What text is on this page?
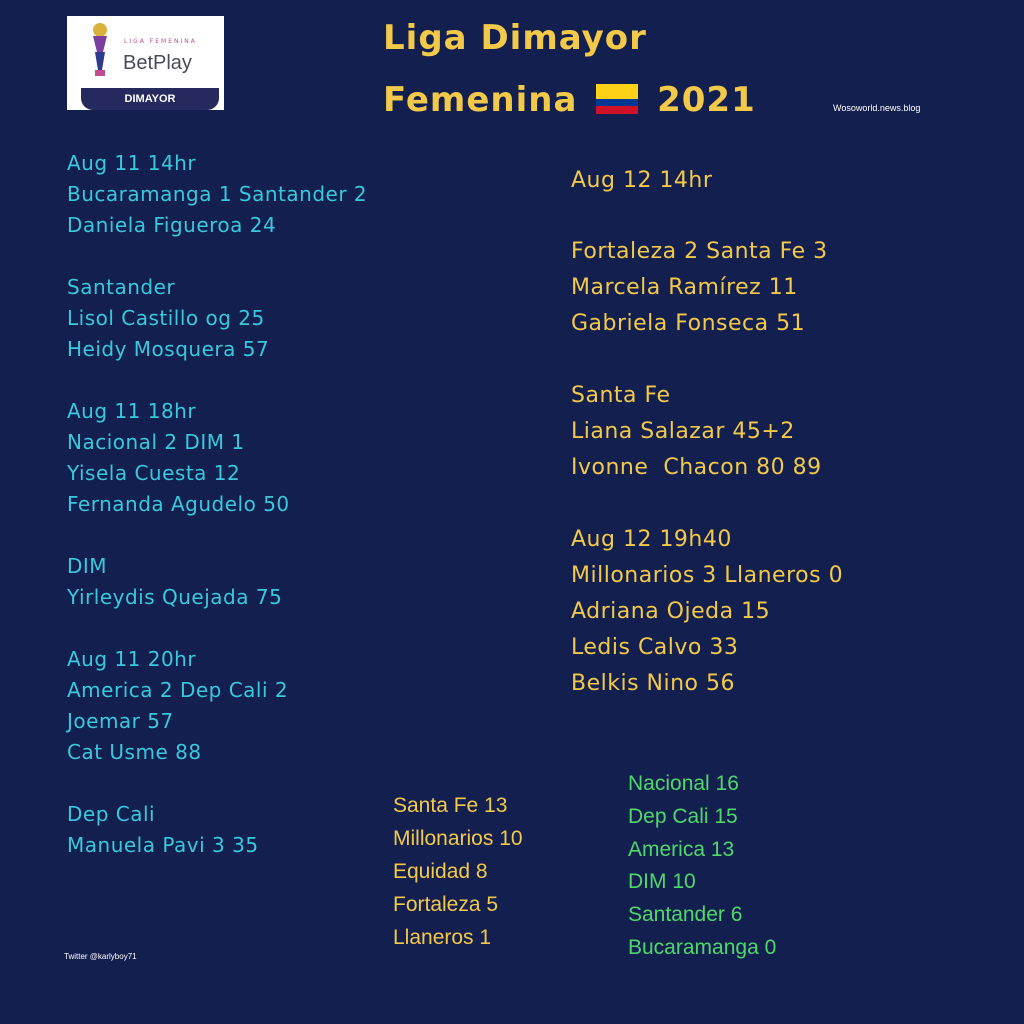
LIGA FEMENINA
BetPlay
DIMAYOR
Liga Dimayor
Femenina 2021	Wosoworld.news.blog
Aug 11 14hr
Bucaramanga 1 Santander 2
Daniela Figueroa 24
Santander
Lisol Castillo og 25
Heidy Mosquera 57
Aug 11 18hr
Nacional 2 DIM 1
Yisela Cuesta 12
Fernanda Agudelo 50
DIM
Yirleydis Quejada 75
Aug 11 20hr
America 2 Dep Cali 2
Joemar 57
Cat Usme 88
Dep Cali
Manuela Pavi 3 35
Aug 12 14hr
Fortaleza 2 Santa Fe 3
Marcela Ramírez 11
Gabriela Fonseca 51
Santa Fe
Liana Salazar 45+2
Ivonne  Chacon 80 89
Aug 12 19h40
Millonarios 3 Llaneros 0
Adriana Ojeda 15
Ledis Calvo 33
Belkis Nino 56
Santa Fe 13
Millonarios 10
Equidad 8
Fortaleza 5
Llaneros 1
Nacional 16
Dep Cali 15
America 13
DIM 10
Santander 6
Bucaramanga 0
Twitter @karlyboy71
